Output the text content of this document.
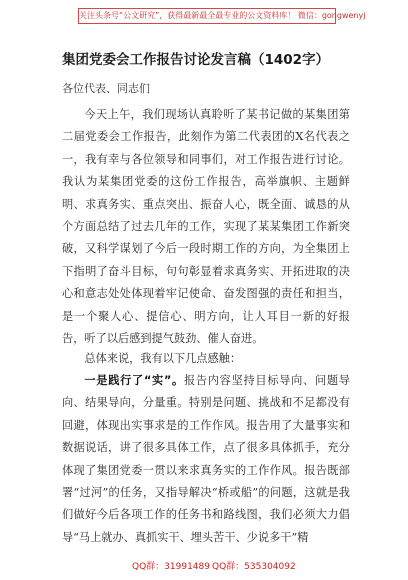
关注头条号“公文研究”，获得最新最全最专业的公文资料库！ 微信：gongwenyj
集团党委会工作报告讨论发言稿（1402字）
各位代表、同志们

今天上午，我们现场认真聆听了某书记做的某集团第二届党委会工作报告，此刻作为第二代表团的X名代表之一，我有幸与各位领导和同事们，对工作报告进行讨论。我认为某集团党委的这份工作报告，高举旗帜、主题鲜明、求真务实、重点突出、振奋人心，既全面、诚恳的从个方面总结了过去几年的工作，实现了某某集团工作新突破，又科学谋划了今后一段时期工作的方向，为全集团上下指明了奋斗目标，句句彰显着求真务实、开拓进取的决心和意志处处体现着牢记使命、奋发图强的责任和担当，是一个聚人心、提信心、明方向，让人耳目一新的好报告，听了以后感到提气鼓劲、催人奋进。

总体来说，我有以下几点感触：

一是践行了“实”。报告内容坚持目标导向、问题导向、结果导向，分量重。特别是问题、挑战和不足都没有回避，体现出实事求是的工作作风。报告用了大量事实和数据说话，讲了很多具体工作，点了很多具体抓手，充分体现了集团党委一贯以来求真务实的工作作风。报告既部署“过河”的任务，又指导解决“桥或船”的问题，这就是我们做好今后各项工作的任务书和路线图，我们必须大力倡导“马上就办、真抓实干、埋头苦干、少说多干”精

QQ群：31991489 QQ群：535304092
